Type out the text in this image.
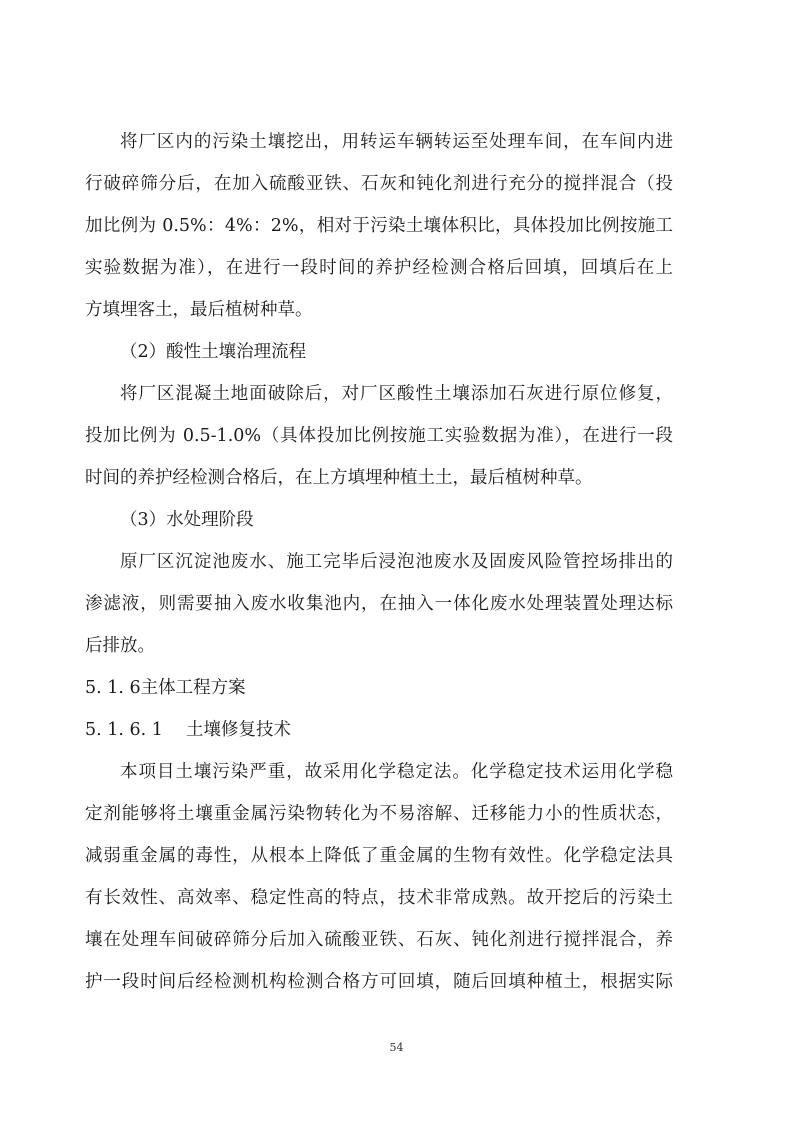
将厂区内的污染土壤挖出，用转运车辆转运至处理车间，在车间内进
行破碎筛分后，在加入硫酸亚铁、石灰和钝化剂进行充分的搅拌混合（投
加比例为 0.5%：4%：2%，相对于污染土壤体积比，具体投加比例按施工
实验数据为准），在进行一段时间的养护经检测合格后回填，回填后在上
方填埋客土，最后植树种草。
（2）酸性土壤治理流程
将厂区混凝土地面破除后，对厂区酸性土壤添加石灰进行原位修复，
投加比例为 0.5-1.0%（具体投加比例按施工实验数据为准），在进行一段
时间的养护经检测合格后，在上方填埋种植土土，最后植树种草。
（3）水处理阶段
原厂区沉淀池废水、施工完毕后浸泡池废水及固废风险管控场排出的
渗滤液，则需要抽入废水收集池内，在抽入一体化废水处理装置处理达标
后排放。
5. 1. 6主体工程方案
5. 1. 6. 1　 土壤修复技术
本项目土壤污染严重，故采用化学稳定法。化学稳定技术运用化学稳
定剂能够将土壤重金属污染物转化为不易溶解、迁移能力小的性质状态，
减弱重金属的毒性，从根本上降低了重金属的生物有效性。化学稳定法具
有长效性、高效率、稳定性高的特点，技术非常成熟。故开挖后的污染土
壤在处理车间破碎筛分后加入硫酸亚铁、石灰、钝化剂进行搅拌混合，养
护一段时间后经检测机构检测合格方可回填，随后回填种植土，根据实际
54
